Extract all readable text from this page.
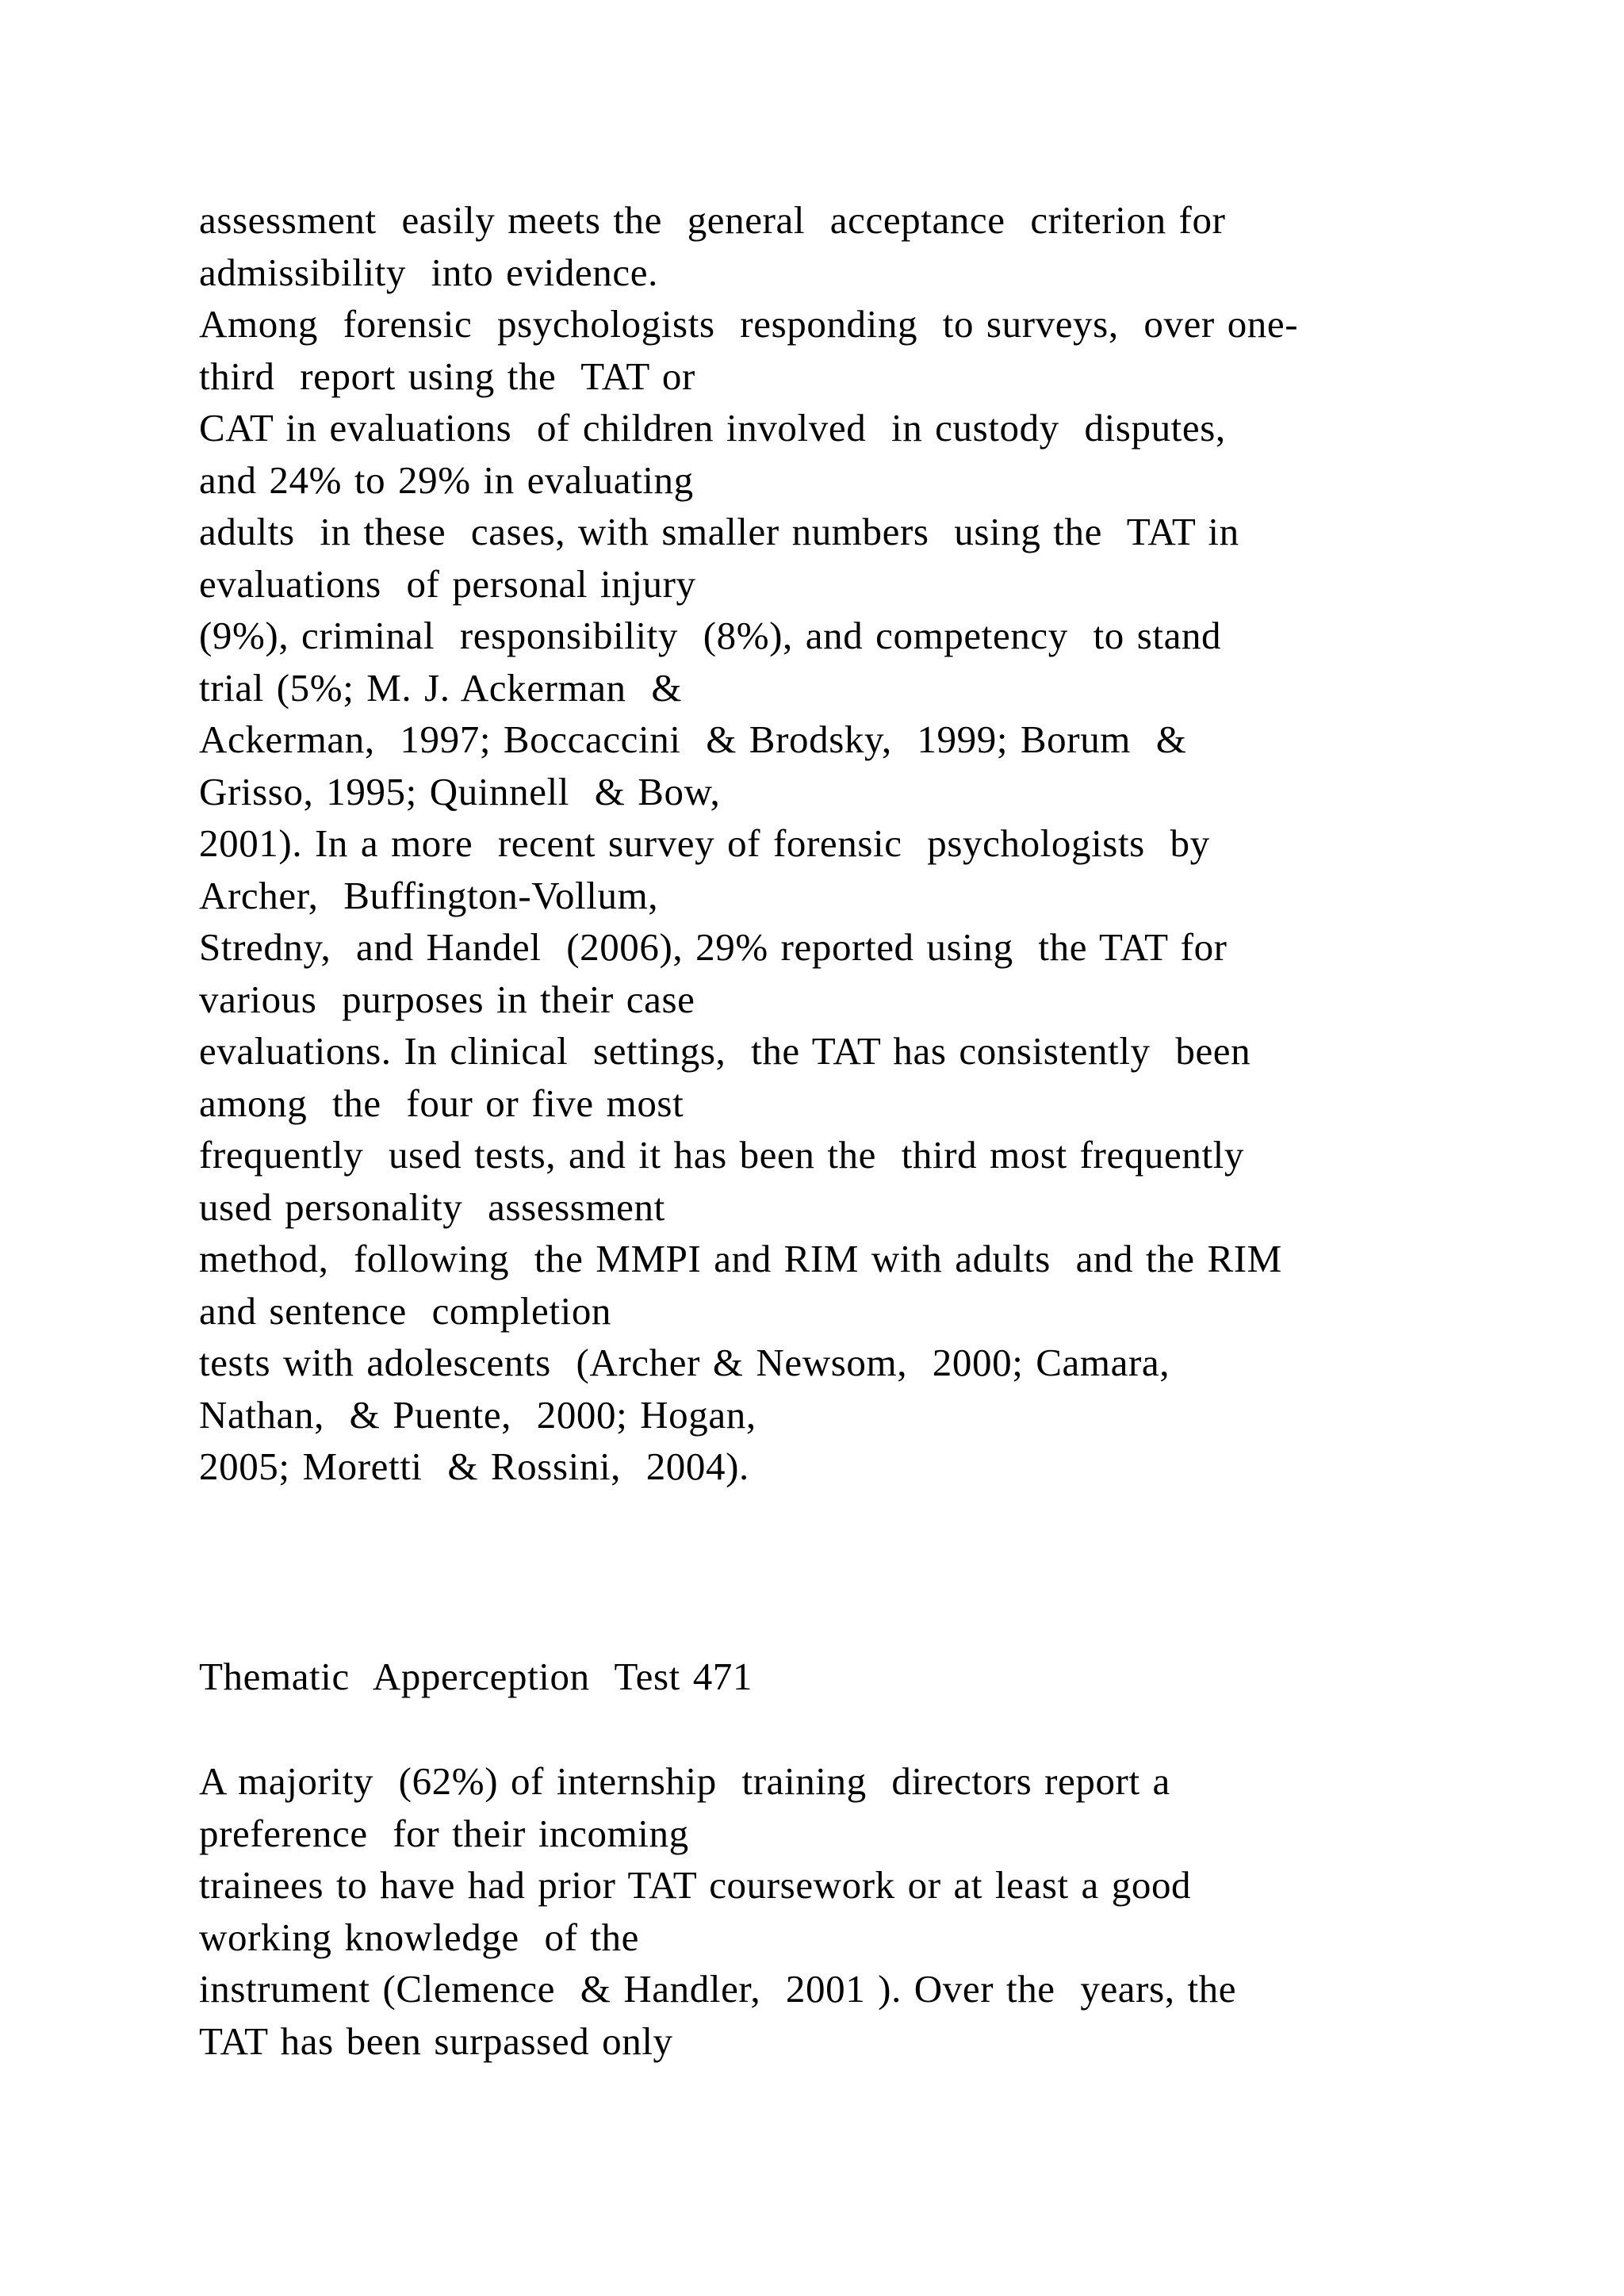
assessment  easily meets the  general  acceptance  criterion for
admissibility  into evidence.
Among  forensic  psychologists  responding  to surveys,  over one-
third  report using the  TAT or
CAT in evaluations  of children involved  in custody  disputes,
and 24% to 29% in evaluating
adults  in these  cases, with smaller numbers  using the  TAT in
evaluations  of personal injury
(9%), criminal  responsibility  (8%), and competency  to stand
trial (5%; M. J. Ackerman  &
Ackerman,  1997; Boccaccini  & Brodsky,  1999; Borum  &
Grisso, 1995; Quinnell  & Bow,
2001). In a more  recent survey of forensic  psychologists  by
Archer,  Buffington-Vollum,
Stredny,  and Handel  (2006), 29% reported using  the TAT for
various  purposes in their case
evaluations. In clinical  settings,  the TAT has consistently  been
among  the  four or five most
frequently  used tests, and it has been the  third most frequently
used personality  assessment
method,  following  the MMPI and RIM with adults  and the RIM
and sentence  completion
tests with adolescents  (Archer & Newsom,  2000; Camara,
Nathan,  & Puente,  2000; Hogan,
2005; Moretti  & Rossini,  2004).
Thematic  Apperception  Test 471
A majority  (62%) of internship  training  directors report a
preference  for their incoming
trainees to have had prior TAT coursework or at least a good
working knowledge  of the
instrument (Clemence  & Handler,  2001 ). Over the  years, the
TAT has been surpassed only
